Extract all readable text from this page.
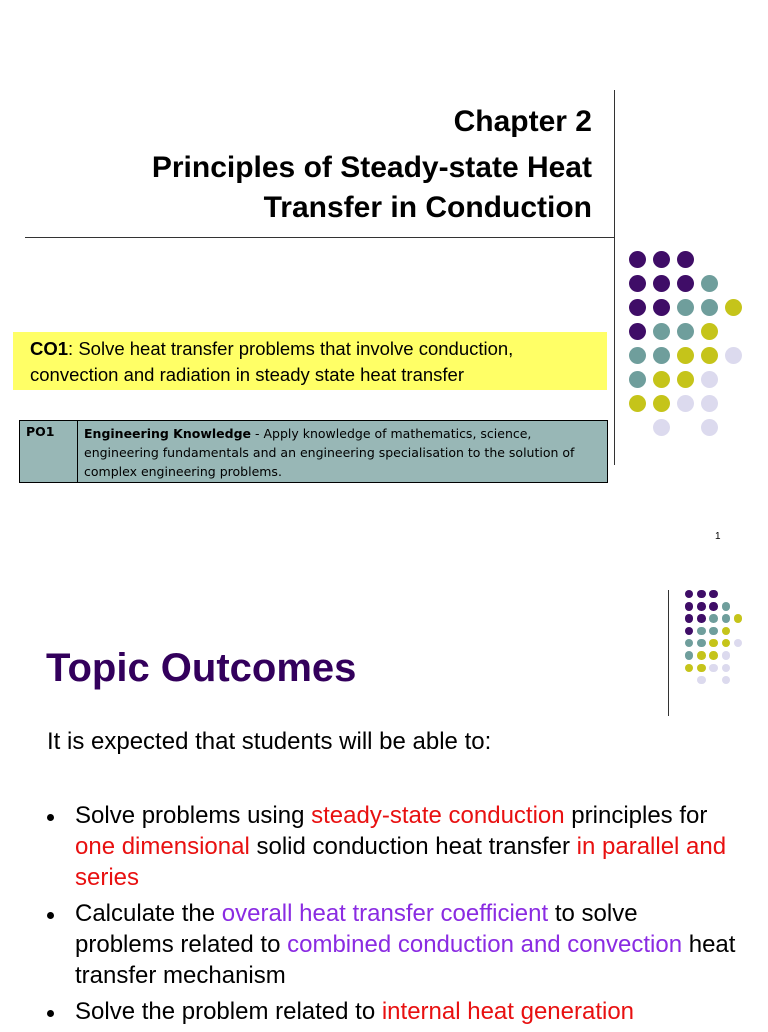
Chapter 2
Principles of Steady-state Heat
Transfer in Conduction
CO1: Solve heat transfer problems that involve conduction, convection and radiation in steady state heat transfer
PO1	Engineering Knowledge - Apply knowledge of mathematics, science, engineering fundamentals and an engineering specialisation to the solution of complex engineering problems.
1
Topic Outcomes
It is expected that students will be able to:
Solve problems using steady-state conduction principles for one dimensional solid conduction heat transfer in parallel and series
Calculate the overall heat transfer coefficient to solve problems related to combined conduction and convection heat transfer mechanism
Solve the problem related to internal heat generation
